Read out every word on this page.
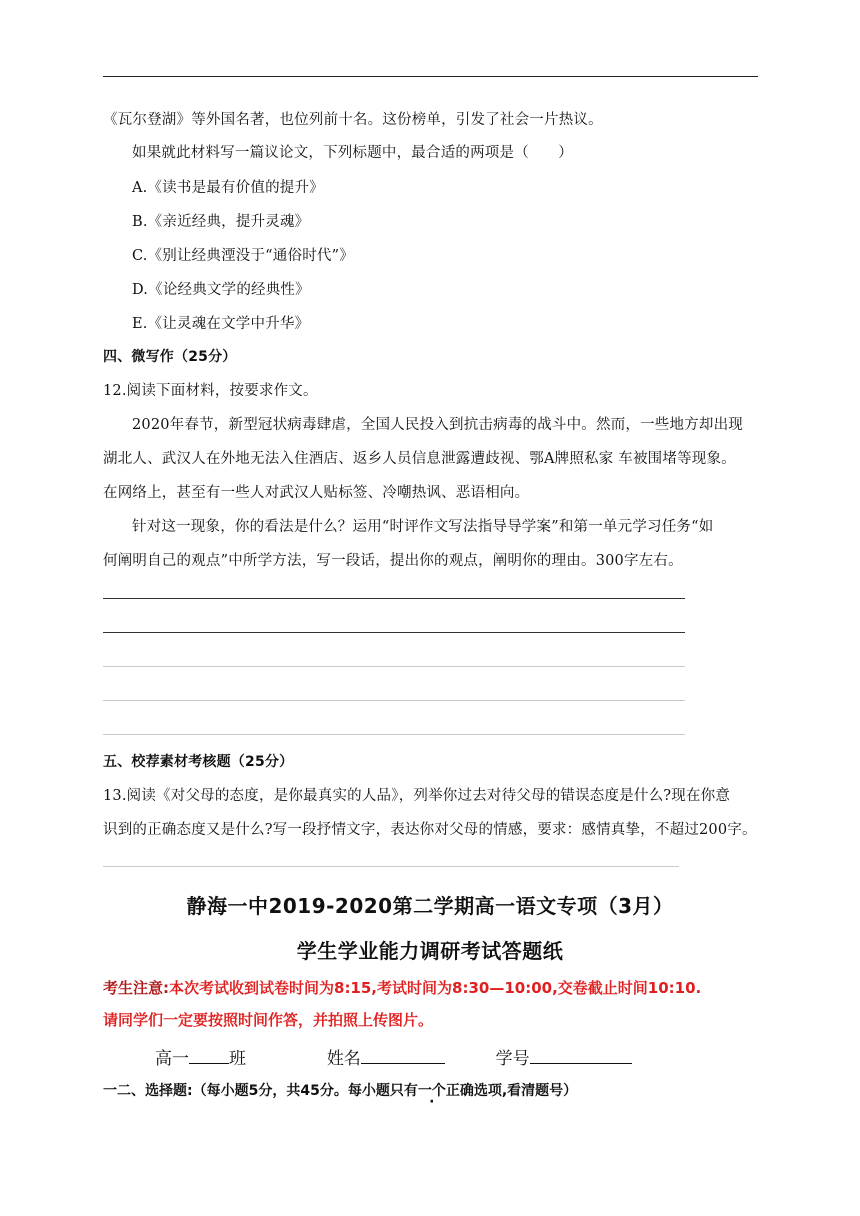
《瓦尔登湖》等外国名著，也位列前十名。这份榜单，引发了社会一片热议。
如果就此材料写一篇议论文，下列标题中，最合适的两项是（　　）
A.《读书是最有价值的提升》
B.《亲近经典，提升灵魂》
C.《别让经典湮没于“通俗时代”》
D.《论经典文学的经典性》
E.《让灵魂在文学中升华》
四、微写作（25分）
12.阅读下面材料，按要求作文。
2020年春节，新型冠状病毒肆虐，全国人民投入到抗击病毒的战斗中。然而，一些地方却出现
湖北人、武汉人在外地无法入住酒店、返乡人员信息泄露遭歧视、鄂A牌照私家 车被围堵等现象。
在网络上，甚至有一些人对武汉人贴标签、冷嘲热讽、恶语相向。
针对这一现象，你的看法是什么？运用“时评作文写法指导导学案”和第一单元学习任务“如
何阐明自己的观点”中所学方法，写一段话，提出你的观点，阐明你的理由。300字左右。
五、校荐素材考核题（25分）
13.阅读《对父母的态度，是你最真实的人品》，列举你过去对待父母的错误态度是什么?现在你意
识到的正确态度又是什么?写一段抒情文字，表达你对父母的情感，要求：感情真挚，不超过200字。
静海一中2019-2020第二学期高一语文专项（3月）
学生学业能力调研考试答题纸
考生注意:本次考试收到试卷时间为8:15,考试时间为8:30—10:00,交卷截止时间10:10.
请同学们一定要按照时间作答，并拍照上传图片。
高一 班	姓名	学号
一二、选择题:（每小题5分，共45分。每小题只有一个正确选项,看清题号）
